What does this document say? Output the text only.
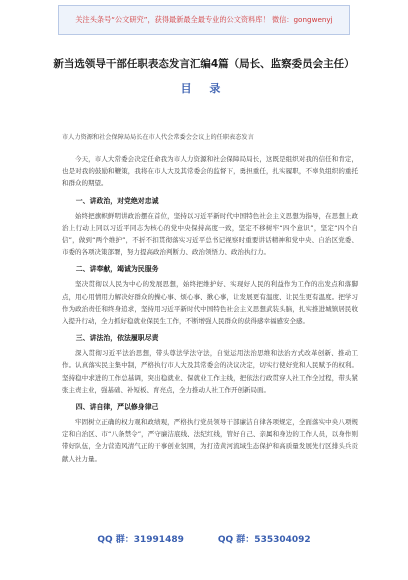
关注头条号“公文研究”，获得最新最全最专业的公文资料库！ 微信：gongwenyj
新当选领导干部任职表态发言汇编4篇（局长、监察委员会主任）
目 录
市人力资源和社会保障局局长在市人代会常委会会议上的任职表态发言

今天，市人大常委会决定任命我为市人力资源和社会保障局局长，这既是组织对我的信任和肯定，也是对我的鼓励和鞭策，我将在市人大及其常委会的监督下，勇担重任，扎实履职，不辜负组织的重托和群众的期望。

一、讲政治，对党绝对忠诚

始终把旗帜鲜明讲政治摆在首位，坚持以习近平新时代中国特色社会主义思想为指导，在思想上政治上行动上同以习近平同志为核心的党中央保持高度一致，坚定不移树牢“四个意识”，坚定“四个自信”，做到“两个维护”，不折不扣贯彻落实习近平总书记视察时重要讲话精神和党中央、自治区党委、市委的各项决策部署，努力提高政治判断力、政治领悟力、政治执行力。

二、讲奉献，竭诚为民服务

坚决贯彻以人民为中心的发展思想，始终把维护好、实现好人民的利益作为工作的出发点和落脚点，用心用情用力解决好群众的操心事、烦心事、揪心事，让发展更有温度、让民生更有温度。把学习作为政治责任和终身追求，坚持用习近平新时代中国特色社会主义思想武装头脑，扎实推进城镇居民收入提升行动，全力抓好稳就业保民生工作，不断增强人民群众的获得感幸福感安全感。

三、讲法治，依法履职尽责

深入贯彻习近平法治思想，带头尊法学法守法，自觉运用法治思维和法治方式改革创新、推动工作。认真落实民主集中制，严格执行市人大及其常委会的决议决定，切实行使好党和人民赋予的权利。坚持稳中求进的工作总基调，突出稳就业、保就业工作主线，把依法行政贯穿人社工作全过程，带头紧张主责主业，强基础、补短板、育亮点，全力推动人社工作开创新局面。

四、讲自律，严以修身律己

牢固树立正确的权力观和政绩观，严格执行党员领导干部廉洁自律各项规定，全面落实中央八项规定和自治区、市“八条禁令”，严守廉洁底线、法纪红线，管好自己、亲属和身边的工作人员，以身作则带好队伍，全力营造风清气正的干事创业氛围，为打造黄河流域生态保护和高质量发展先行区排头兵贡献人社力量。

QQ 群：31991489	QQ 群：535304092
